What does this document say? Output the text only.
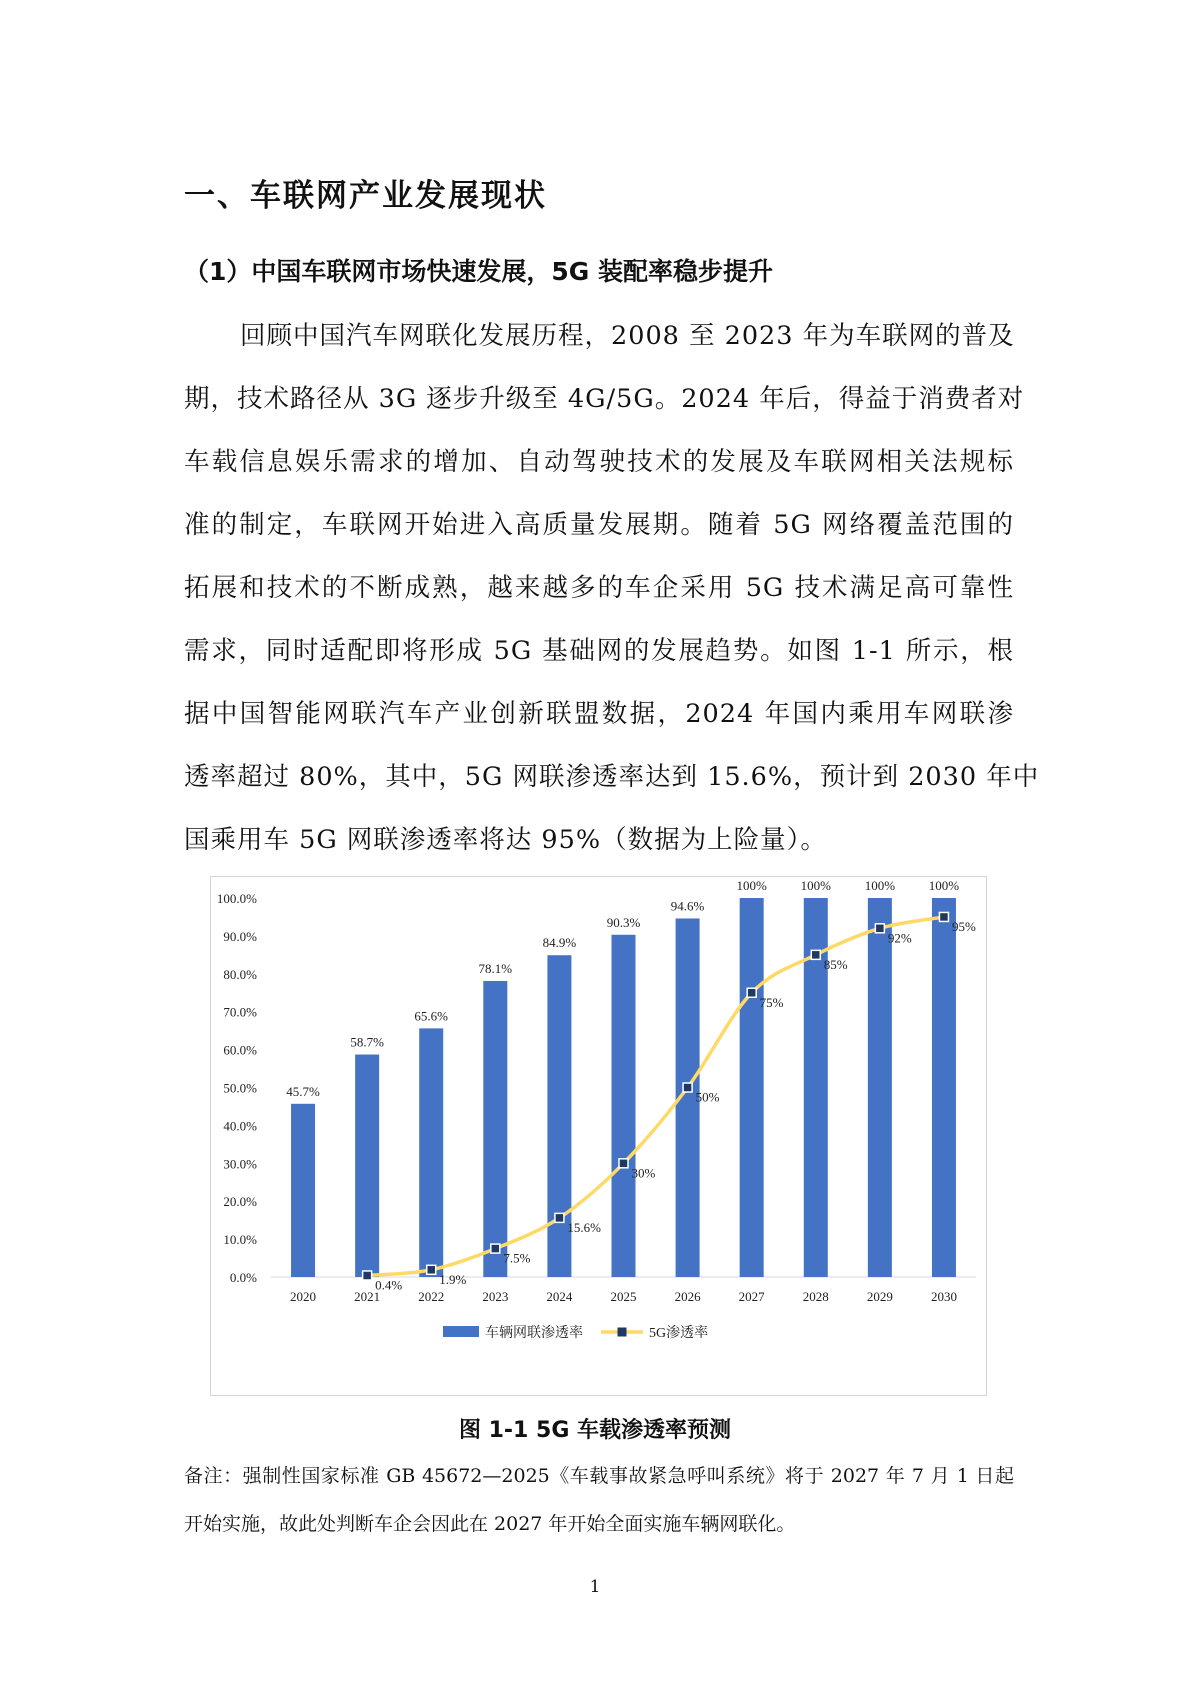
一、车联网产业发展现状
（1）中国车联网市场快速发展，5G 装配率稳步提升
回顾中国汽车网联化发展历程，2008 至 2023 年为车联网的普及
期，技术路径从 3G 逐步升级至 4G/5G。2024 年后，得益于消费者对
车载信息娱乐需求的增加、自动驾驶技术的发展及车联网相关法规标
准的制定，车联网开始进入高质量发展期。随着 5G 网络覆盖范围的
拓展和技术的不断成熟，越来越多的车企采用 5G 技术满足高可靠性
需求，同时适配即将形成 5G 基础网的发展趋势。如图 1-1 所示，根
据中国智能网联汽车产业创新联盟数据，2024 年国内乘用车网联渗
透率超过 80%，其中，5G 网联渗透率达到 15.6%，预计到 2030 年中
国乘用车 5G 网联渗透率将达 95%（数据为上险量）。
0.0%
10.0%
20.0%
30.0%
40.0%
50.0%
60.0%
70.0%
80.0%
90.0%
100.0%
45.7%
58.7%
65.6%
78.1%
84.9%
90.3%
94.6%
100%	100%	100%	100%
2020	2021	2022	2023	2024	2025	2026	2027	2028	2029	2030
0.4%	1.9%
7.5%
15.6%
30%
50%
75%
85%
92%
95%
车辆网联渗透率	5G渗透率
图 1-1 5G 车载渗透率预测
备注：强制性国家标准 GB 45672—2025《车载事故紧急呼叫系统》将于 2027 年 7 月 1 日起
开始实施，故此处判断车企会因此在 2027 年开始全面实施车辆网联化。
1
